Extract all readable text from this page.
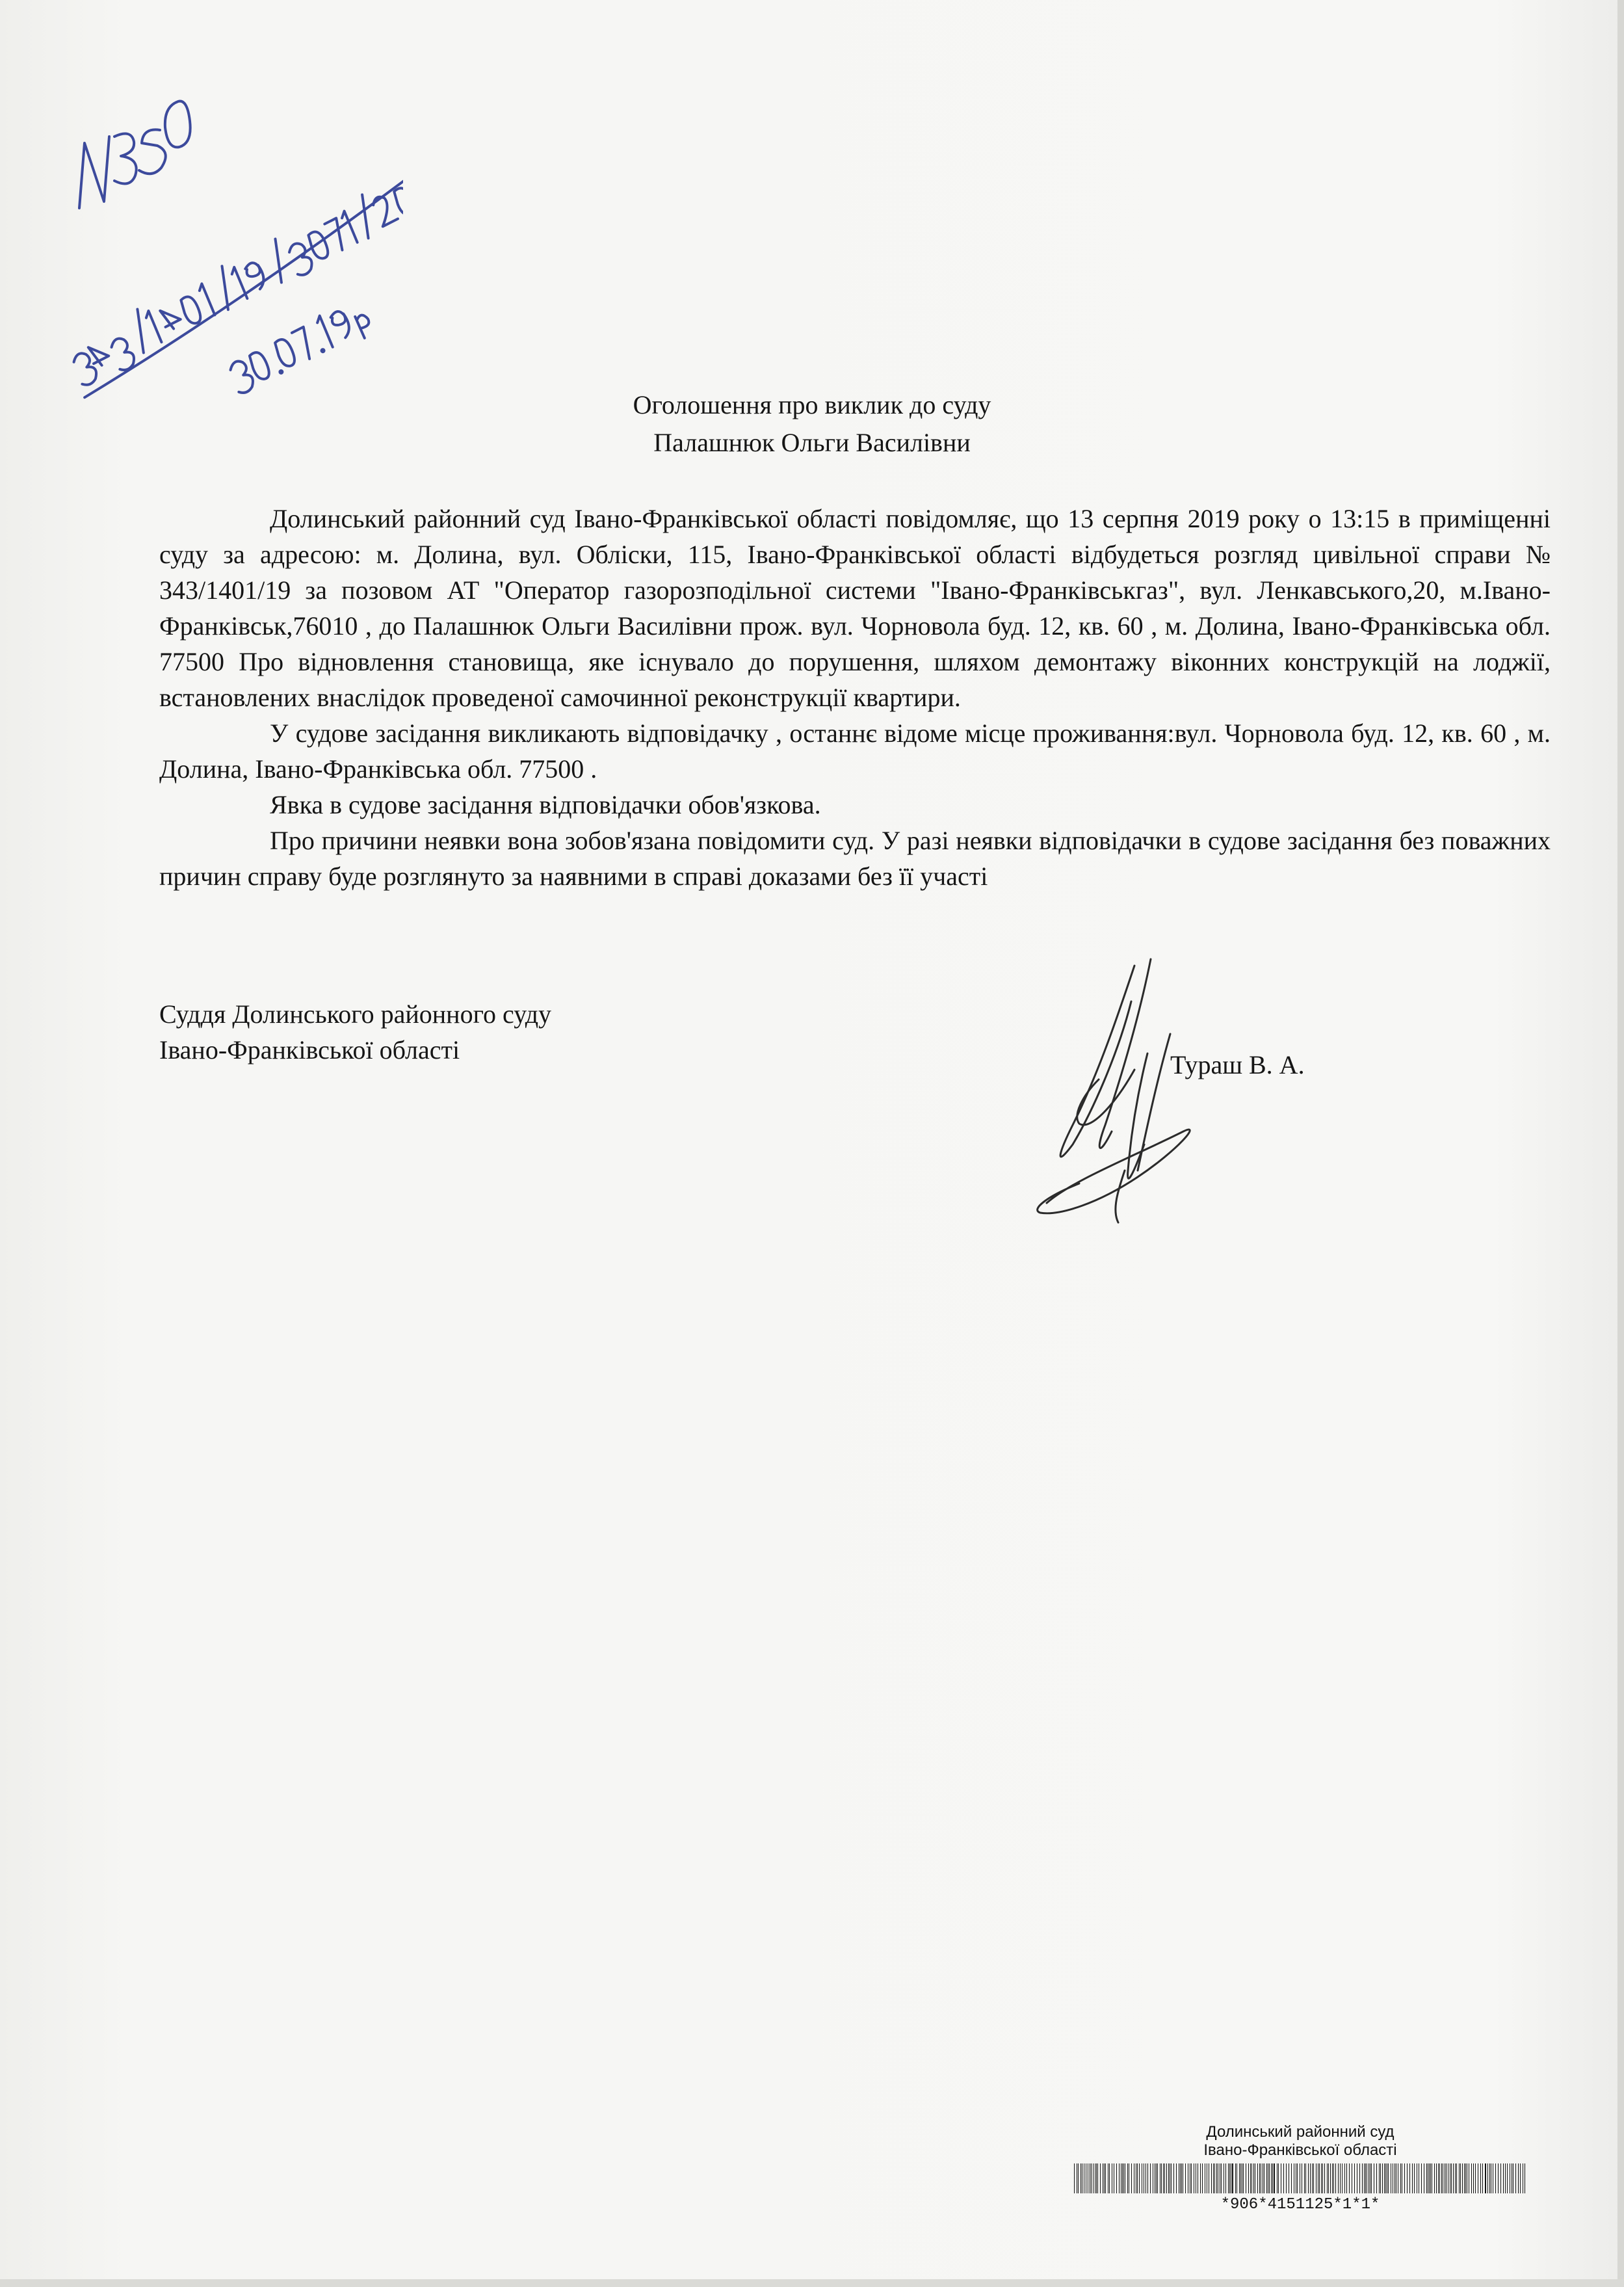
Оголошення про виклик до суду
Палашнюк Ольги Василівни

Долинський районний суд Івано-Франківської області повідомляє, що 13 серпня 2019 року о 13:15 в приміщенні суду за адресою: м. Долина, вул. Обліски, 115, Івано-Франківської області відбудеться розгляд цивільної справи № 343/1401/19 за позовом АТ "Оператор газорозподільної системи "Івано-Франківськгаз", вул. Ленкавського,20, м.Івано-Франківськ,76010 , до Палашнюк Ольги Василівни прож. вул. Чорновола буд. 12, кв. 60 , м. Долина, Івано-Франківська обл. 77500 Про відновлення становища, яке існувало до порушення, шляхом демонтажу віконних конструкцій на лоджії, встановлених внаслідок проведеної самочинної реконструкції квартири.

У судове засідання викликають відповідачку , останнє відоме місце проживання:вул. Чорновола буд. 12, кв. 60 , м. Долина, Івано-Франківська обл. 77500 .

Явка в судове засідання відповідачки обов'язкова.

Про причини неявки вона зобов'язана повідомити суд. У разі неявки відповідачки в судове засідання без поважних причин справу буде розглянуто за наявними в справі доказами без її участі

Суддя Долинського районного суду
Івано-Франківської області
Тураш В. А.
Долинський районний суд
Івано-Франківської області
*906*4151125*1*1*
